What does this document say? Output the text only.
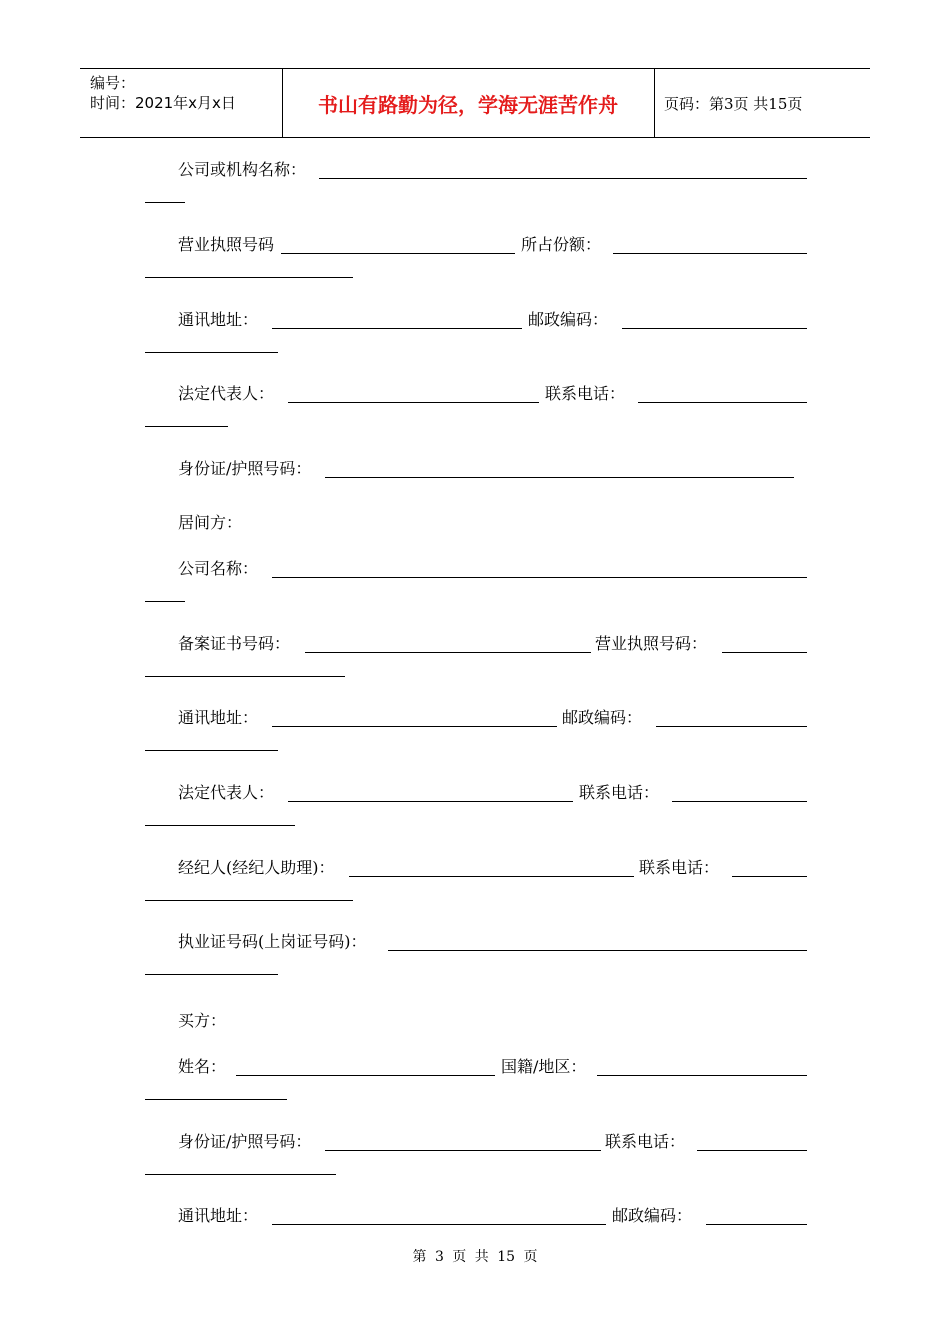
编号：
时间：2021年x月x日	书山有路勤为径，学海无涯苦作舟	页码：第3页 共15页
公司或机构名称：
营业执照号码	所占份额：
通讯地址：	邮政编码：
法定代表人：	联系电话：
身份证/护照号码：
居间方：
公司名称：
备案证书号码：	营业执照号码：
通讯地址：	邮政编码：
法定代表人：	联系电话：
经纪人(经纪人助理)：	联系电话：
执业证号码(上岗证号码)：
买方：
姓名：	国籍/地区：
身份证/护照号码：	联系电话：
通讯地址：	邮政编码：
第 3 页 共 15 页
